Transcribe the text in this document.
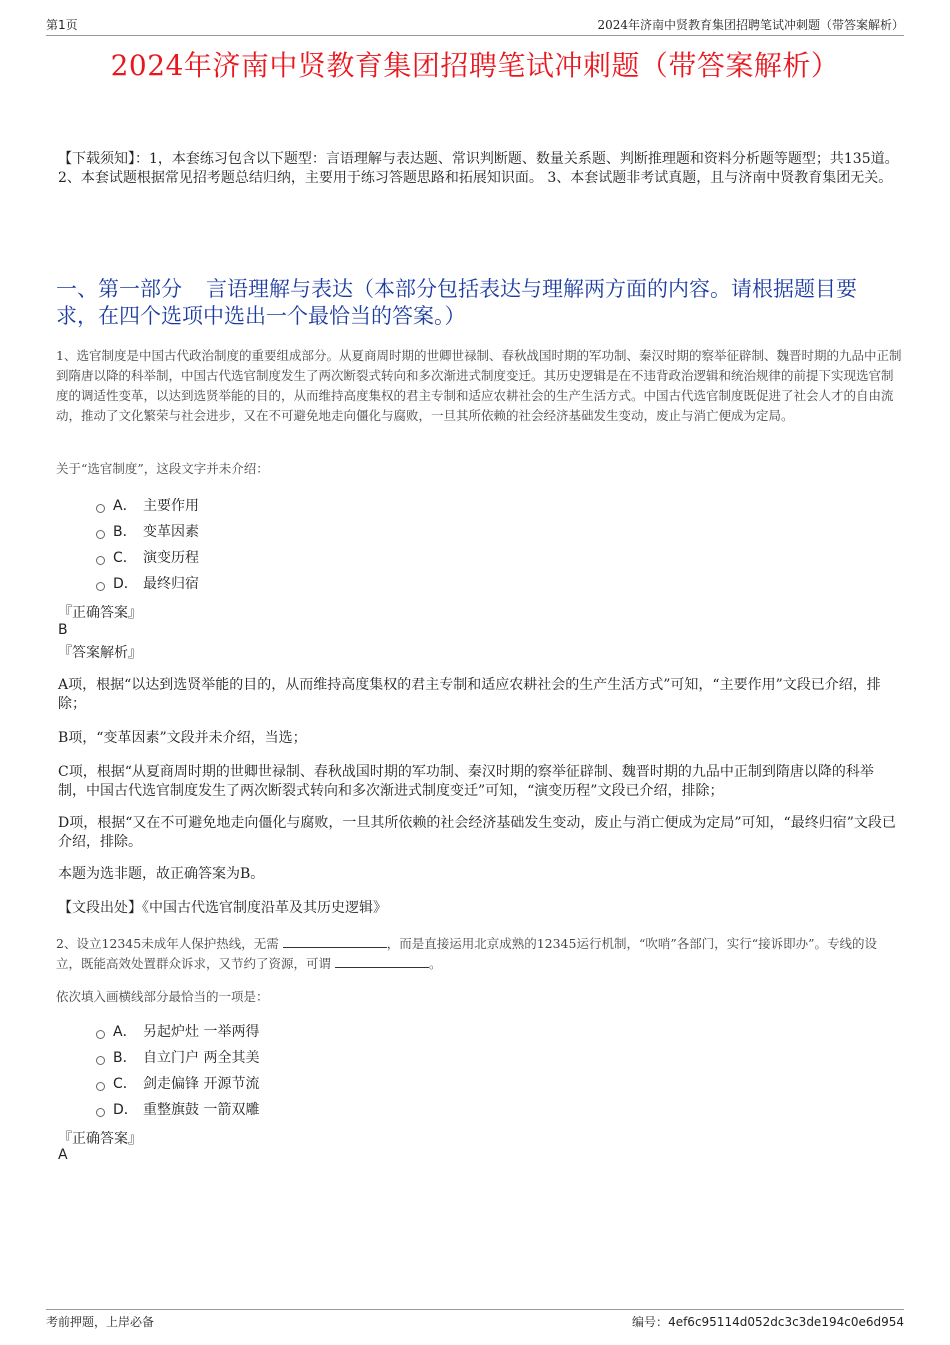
第1页	2024年济南中贤教育集团招聘笔试冲刺题（带答案解析）
2024年济南中贤教育集团招聘笔试冲刺题（带答案解析）
【下载须知】：1，本套练习包含以下题型：言语理解与表达题、常识判断题、数量关系题、判断推理题和资料分析题等题型；共135道。 2、本套试题根据常见招考题总结归纳，主要用于练习答题思路和拓展知识面。 3、本套试题非考试真题，且与济南中贤教育集团无关。
一、第一部分 言语理解与表达（本部分包括表达与理解两方面的内容。请根据题目要求，在四个选项中选出一个最恰当的答案。）

1、选官制度是中国古代政治制度的重要组成部分。从夏商周时期的世卿世禄制、春秋战国时期的军功制、秦汉时期的察举征辟制、魏晋时期的九品中正制到隋唐以降的科举制，中国古代选官制度发生了两次断裂式转向和多次渐进式制度变迁。其历史逻辑是在不违背政治逻辑和统治规律的前提下实现选官制度的调适性变革，以达到选贤举能的目的，从而维持高度集权的君主专制和适应农耕社会的生产生活方式。中国古代选官制度既促进了社会人才的自由流动，推动了文化繁荣与社会进步，又在不可避免地走向僵化与腐败，一旦其所依赖的社会经济基础发生变动，废止与消亡便成为定局。

关于“选官制度”，这段文字并未介绍：

A． 主要作用
B． 变革因素
C． 演变历程
D． 最终归宿
『正确答案』
B
『答案解析』

A项，根据“以达到选贤举能的目的，从而维持高度集权的君主专制和适应农耕社会的生产生活方式”可知，“主要作用”文段已介绍，排除；

B项，“变革因素”文段并未介绍，当选；

C项，根据“从夏商周时期的世卿世禄制、春秋战国时期的军功制、秦汉时期的察举征辟制、魏晋时期的九品中正制到隋唐以降的科举制，中国古代选官制度发生了两次断裂式转向和多次渐进式制度变迁”可知，“演变历程”文段已介绍，排除；

D项，根据“又在不可避免地走向僵化与腐败，一旦其所依赖的社会经济基础发生变动，废止与消亡便成为定局”可知，“最终归宿”文段已介绍，排除。

本题为选非题，故正确答案为B。

【文段出处】《中国古代选官制度沿革及其历史逻辑》

2、设立12345未成年人保护热线，无需	，而是直接运用北京成熟的12345运行机制，“吹哨”各部门，实行“接诉即办”。专线的设立，既能高效处置群众诉求，又节约了资源，可谓	。

依次填入画横线部分最恰当的一项是：

A． 另起炉灶 一举两得
B． 自立门户 两全其美
C． 剑走偏锋 开源节流
D． 重整旗鼓 一箭双雕
『正确答案』
A
考前押题，上岸必备	编号：4ef6c95114d052dc3c3de194c0e6d954
